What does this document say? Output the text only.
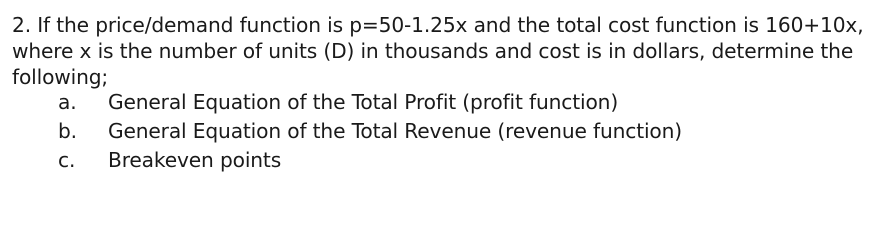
2. If the price/demand function is p=50-1.25x and the total cost function is 160+10x,
where x is the number of units (D) in thousands and cost is in dollars, determine the
following;
a.	General Equation of the Total Profit (profit function)
b.	General Equation of the Total Revenue (revenue function)
c.	Breakeven points
